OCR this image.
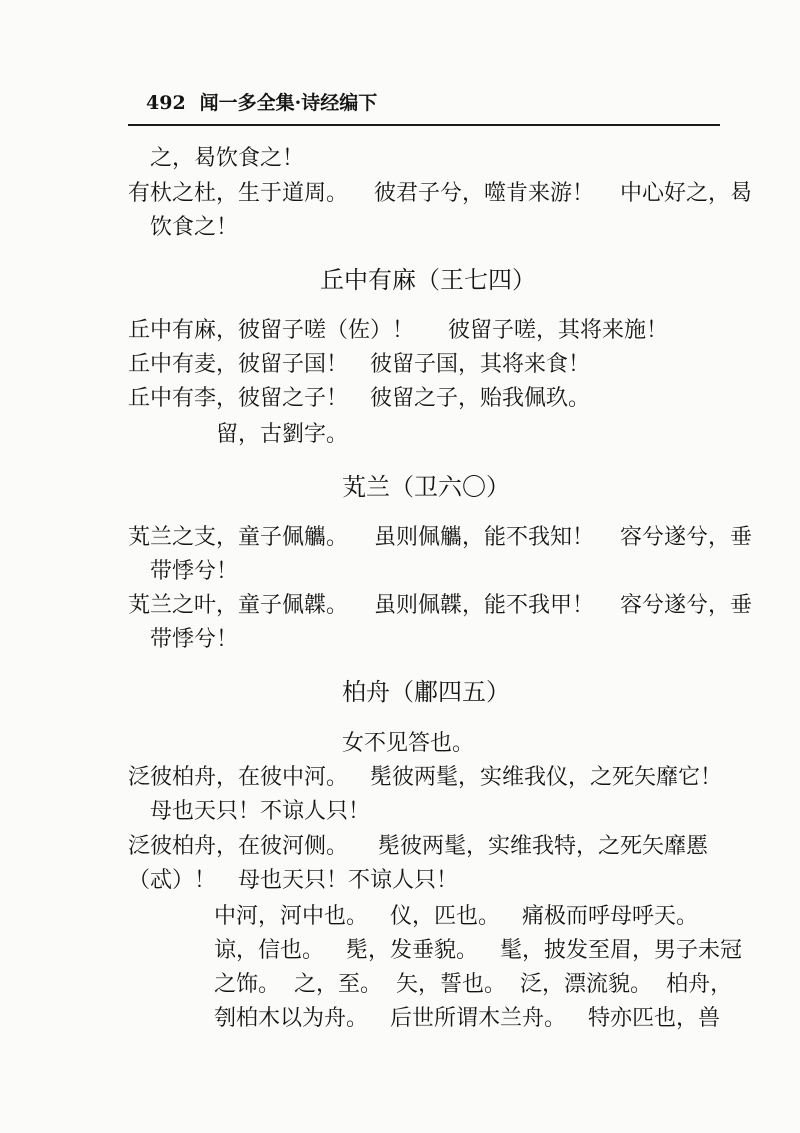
492 闻一多全集·诗经编下
之，曷饮食之！
有杕之杜，生于道周。 彼君子兮，噬肯来游！ 中心好之，曷
饮食之！
丘中有麻（王七四）
丘中有麻，彼留子嗟（佐）！ 彼留子嗟，其将来施！
丘中有麦，彼留子国！ 彼留子国，其将来食！
丘中有李，彼留之子！ 彼留之子，贻我佩玖。
留，古劉字。
芄兰（卫六〇）
芄兰之支，童子佩觿。 虽则佩觿，能不我知！ 容兮遂兮，垂
带悸兮！
芄兰之叶，童子佩韘。 虽则佩韘，能不我甲！ 容兮遂兮，垂
带悸兮！
柏舟（鄘四五）
女不见答也。
泛彼柏舟，在彼中河。 髧彼两髦，实维我仪，之死矢靡它！
母也天只！不谅人只！
泛彼柏舟，在彼河侧。 髧彼两髦，实维我特，之死矢靡慝
（忒）！ 母也天只！不谅人只！
中河，河中也。 仪，匹也。 痛极而呼母呼天。
谅，信也。 髧，发垂貌。 髦，披发至眉，男子未冠
之饰。 之，至。 矢，誓也。 泛，漂流貌。 柏舟，
刳柏木以为舟。 后世所谓木兰舟。 特亦匹也，兽
